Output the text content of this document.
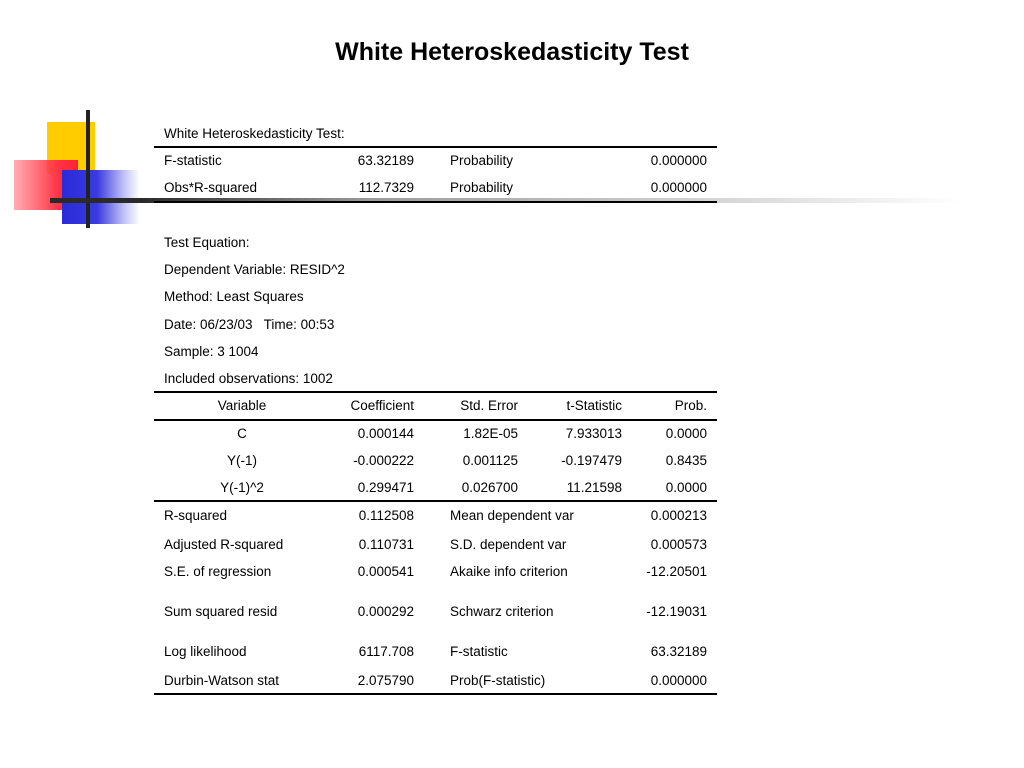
White Heteroskedasticity Test
White Heteroskedasticity Test:
F-statistic	63.32189	Probability	0.000000
Obs*R-squared	112.7329	Probability	0.000000
Test Equation:
Dependent Variable: RESID^2
Method: Least Squares
Date: 06/23/03   Time: 00:53
Sample: 3 1004
Included observations: 1002
Variable	Coefficient	Std. Error	t-Statistic	Prob.
C	0.000144	1.82E-05	7.933013	0.0000
Y(-1)	-0.000222	0.001125	-0.197479	0.8435
Y(-1)^2	0.299471	0.026700	11.21598	0.0000
R-squared	0.112508	Mean dependent var	0.000213
Adjusted R-squared	0.110731	S.D. dependent var	0.000573
S.E. of regression	0.000541	Akaike info criterion	-12.20501
Sum squared resid	0.000292	Schwarz criterion	-12.19031
Log likelihood	6117.708	F-statistic	63.32189
Durbin-Watson stat	2.075790	Prob(F-statistic)	0.000000
